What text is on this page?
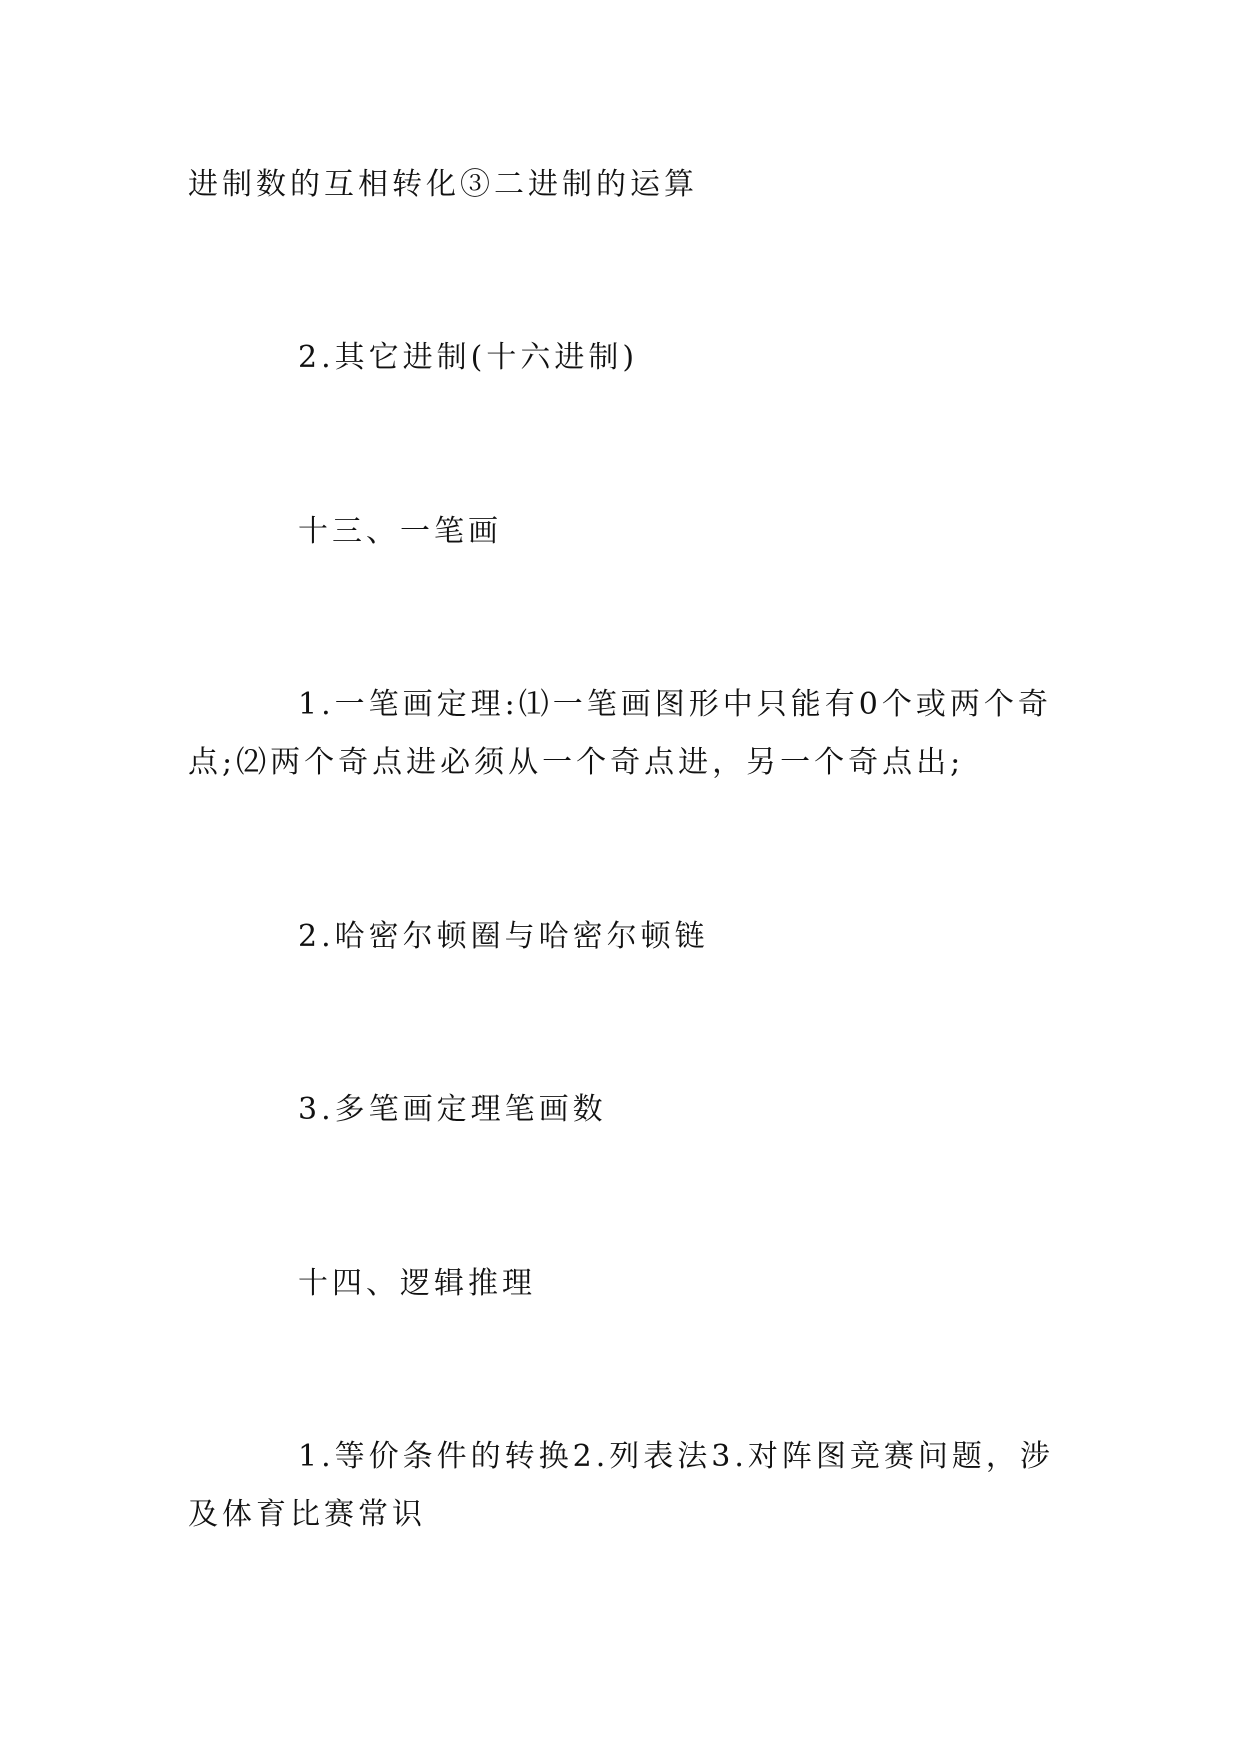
进制数的互相转化③二进制的运算

2.其它进制(十六进制)

十三、一笔画

1.一笔画定理:⑴一笔画图形中只能有0个或两个奇

点;⑵两个奇点进必须从一个奇点进，另一个奇点出;

2.哈密尔顿圈与哈密尔顿链

3.多笔画定理笔画数

十四、逻辑推理

1.等价条件的转换2.列表法3.对阵图竞赛问题，涉

及体育比赛常识
